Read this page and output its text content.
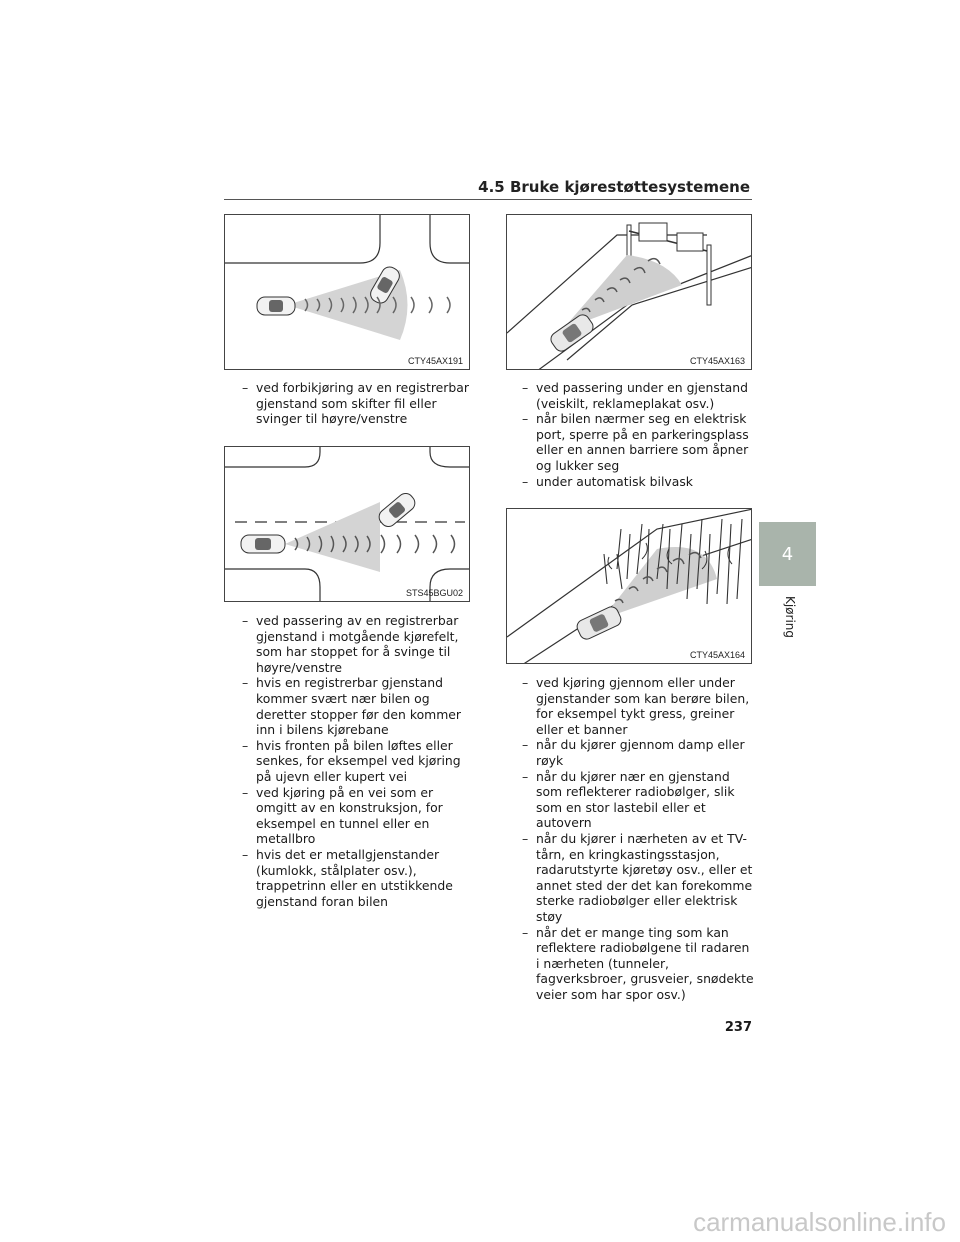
4.5 Bruke kjørestøttesystemene
CTY45AX191	CTY45AX163
– ved forbikjøring av en registrerbar gjenstand som skifter fil eller svinger til høyre/venstre
STS45BGU02
– ved passering av en registrerbar gjenstand i motgående kjørefelt, som har stoppet for å svinge til høyre/venstre
– hvis en registrerbar gjenstand kommer svært nær bilen og deretter stopper før den kommer inn i bilens kjørebane
– hvis fronten på bilen løftes eller senkes, for eksempel ved kjøring på ujevn eller kupert vei
– ved kjøring på en vei som er omgitt av en konstruksjon, for eksempel en tunnel eller en metallbro
– hvis det er metallgjenstander (kumlokk, stålplater osv.), trappetrinn eller en utstikkende gjenstand foran bilen
– ved passering under en gjenstand (veiskilt, reklameplakat osv.)
– når bilen nærmer seg en elektrisk port, sperre på en parkeringsplass eller en annen barriere som åpner og lukker seg
– under automatisk bilvask
CTY45AX164
– ved kjøring gjennom eller under gjenstander som kan berøre bilen, for eksempel tykt gress, greiner eller et banner
– når du kjører gjennom damp eller røyk
– når du kjører nær en gjenstand som reflekterer radiobølger, slik som en stor lastebil eller et autovern
– når du kjører i nærheten av et TV-tårn, en kringkastingsstasjon, radarutstyrte kjøretøy osv., eller et annet sted der det kan forekomme sterke radiobølger eller elektrisk støy
– når det er mange ting som kan reflektere radiobølgene til radaren i nærheten (tunneler, fagverksbroer, grusveier, snødekte veier som har spor osv.)
4
Kjøring
237
carmanualsonline.info
